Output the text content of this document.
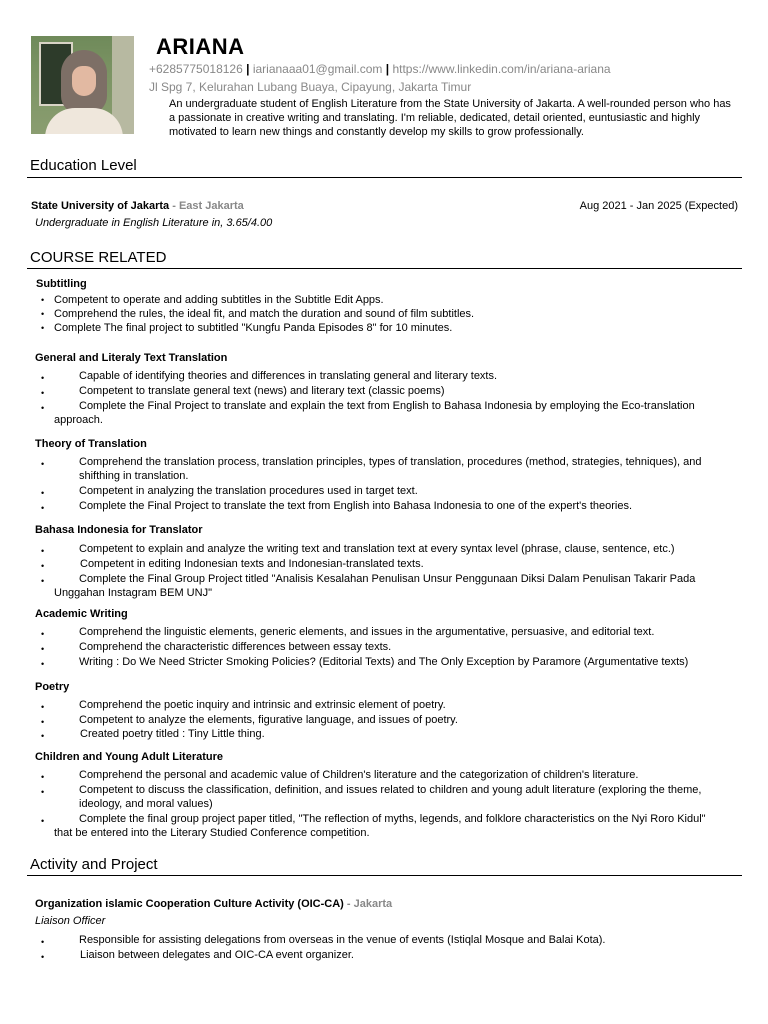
ARIANA
+6285775018126 | iarianaaa01@gmail.com | https://www.linkedin.com/in/ariana-ariana
Jl Spg 7, Kelurahan Lubang Buaya, Cipayung, Jakarta Timur

An undergraduate student of English Literature from the State University of Jakarta. A well-rounded person who has a passionate in creative writing and translating. I'm reliable, dedicated, detail oriented, euntusiastic and highly motivated to learn new things and constantly develop my skills to grow professionally.

Education Level
State University of Jakarta - East Jakarta	Aug 2021 - Jan 2025 (Expected)
Undergraduate in English Literature in, 3.65/4.00
COURSE RELATED
Subtitling
• Competent to operate and adding subtitles in the Subtitle Edit Apps.
• Comprehend the rules, the ideal fit, and match the duration and sound of film subtitles.
• Complete The final project to subtitled "Kungfu Panda Episodes 8" for 10 minutes.
General and Literaly Text Translation
• Capable of identifying theories and differences in translating general and literary texts.
• Competent to translate general text (news) and literary text (classic poems)
• Complete the Final Project to translate and explain the text from English to Bahasa Indonesia by employing the Eco-translation approach.
Theory of Translation
• Comprehend the translation process, translation principles, types of translation, procedures (method, strategies, tehniques), and shifthing in translation.
• Competent in analyzing the translation procedures used in target text.
• Complete the Final Project to translate the text from English into Bahasa Indonesia to one of the expert's theories.
Bahasa Indonesia for Translator
• Competent to explain and analyze the writing text and translation text at every syntax level (phrase, clause, sentence, etc.)
• Competent in editing Indonesian texts and Indonesian-translated texts.
• Complete the Final Group Project titled "Analisis Kesalahan Penulisan Unsur Penggunaan Diksi Dalam Penulisan Takarir Pada Unggahan Instagram BEM UNJ"
Academic Writing
• Comprehend the linguistic elements, generic elements, and issues in the argumentative, persuasive, and editorial text.
• Comprehend the characteristic differences between essay texts.
• Writing : Do We Need Stricter Smoking Policies? (Editorial Texts) and The Only Exception by Paramore (Argumentative texts)
Poetry
• Comprehend the poetic inquiry and intrinsic and extrinsic element of poetry.
• Competent to analyze the elements, figurative language, and issues of poetry.
• Created poetry titled : Tiny Little thing.
Children and Young Adult Literature
• Comprehend the personal and academic value of Children's literature and the categorization of children's literature.
• Competent to discuss the classification, definition, and issues related to children and young adult literature (exploring the theme, ideology, and moral values)
• Complete the final group project paper titled, "The reflection of myths, legends, and folklore characteristics on the Nyi Roro Kidul" that be entered into the Literary Studied Conference competition.
Activity and Project
Organization islamic Cooperation Culture Activity (OIC-CA) - Jakarta
Liaison Officer
• Responsible for assisting delegations from overseas in the venue of events (Istiqlal Mosque and Balai Kota).
• Liaison between delegates and OIC-CA event organizer.
